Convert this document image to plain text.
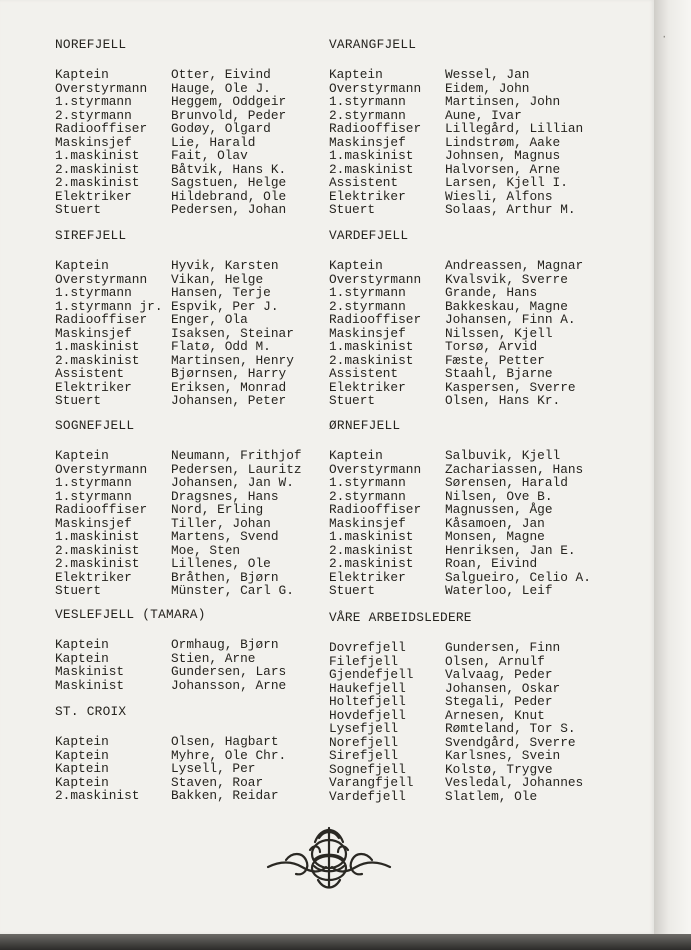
·
NOREFJELL
Kaptein	Otter, Eivind
Overstyrmann Hauge, Ole J.
1.styrmann	Heggem, Oddgeir
2.styrmann	Brunvold, Peder
Radiooffiser Godøy, Olgard
Maskinsjef	Lie, Harald
1.maskinist Fait, Olav
2.maskinist Båtvik, Hans K.
2.maskinist Sagstuen, Helge
Elektriker	Hildebrand, Ole
Stuert	Pedersen, Johan
SIREFJELL
Kaptein	Hyvik, Karsten
Overstyrmann Vikan, Helge
1.styrmann	Hansen, Terje
1.styrmann jr. Espvik, Per J.
Radiooffiser Enger, Ola
Maskinsjef	Isaksen, Steinar
1.maskinist Flatø, Odd M.
2.maskinist Martinsen, Henry
Assistent	Bjørnsen, Harry
Elektriker	Eriksen, Monrad
Stuert	Johansen, Peter
SOGNEFJELL
Kaptein	Neumann, Frithjof
Overstyrmann Pedersen, Lauritz
1.styrmann	Johansen, Jan W.
1.styrmann	Dragsnes, Hans
Radiooffiser Nord, Erling
Maskinsjef	Tiller, Johan
1.maskinist Martens, Svend
2.maskinist Moe, Sten
2.maskinist Lillenes, Ole
Elektriker	Bråthen, Bjørn
Stuert	Münster, Carl G.
VESLEFJELL (TAMARA)
Kaptein	Ormhaug, Bjørn
Kaptein	Stien, Arne
Maskinist	Gundersen, Lars
Maskinist	Johansson, Arne
ST. CROIX
Kaptein	Olsen, Hagbart
Kaptein	Myhre, Ole Chr.
Kaptein	Lysell, Per
Kaptein	Staven, Roar
2.maskinist Bakken, Reidar
VARANGFJELL
Kaptein	Wessel, Jan
Overstyrmann Eidem, John
1.styrmann	Martinsen, John
2.styrmann	Aune, Ivar
Radiooffiser Lillegård, Lillian
Maskinsjef	Lindstrøm, Aake
1.maskinist Johnsen, Magnus
2.maskinist Halvorsen, Arne
Assistent	Larsen, Kjell I.
Elektriker	Wiesli, Alfons
Stuert	Solaas, Arthur M.
VARDEFJELL
Kaptein	Andreassen, Magnar
Overstyrmann Kvalsvik, Sverre
1.styrmann	Grande, Hans
2.styrmann	Bakkeskau, Magne
Radiooffiser Johansen, Finn A.
Maskinsjef	Nilssen, Kjell
1.maskinist Torsø, Arvid
2.maskinist Fæste, Petter
Assistent	Staahl, Bjarne
Elektriker	Kaspersen, Sverre
Stuert	Olsen, Hans Kr.
ØRNEFJELL
Kaptein	Salbuvik, Kjell
Overstyrmann Zachariassen, Hans
1.styrmann	Sørensen, Harald
2.styrmann	Nilsen, Ove B.
Radiooffiser Magnussen, Åge
Maskinsjef	Kåsamoen, Jan
1.maskinist Monsen, Magne
2.maskinist Henriksen, Jan E.
2.maskinist Roan, Eivind
Elektriker	Salgueiro, Celio A.
Stuert	Waterloo, Leif
VÅRE ARBEIDSLEDERE
Dovrefjell	Gundersen, Finn
Filefjell	Olsen, Arnulf
Gjendefjell Valvaag, Peder
Haukefjell	Johansen, Oskar
Holtefjell	Stegali, Peder
Hovdefjell	Arnesen, Knut
Lysefjell	Rømteland, Tor S.
Norefjell	Svendgård, Sverre
Sirefjell	Karlsnes, Svein
Sognefjell	Kolstø, Trygve
Varangfjell Vesledal, Johannes
Vardefjell	Slatlem, Ole
